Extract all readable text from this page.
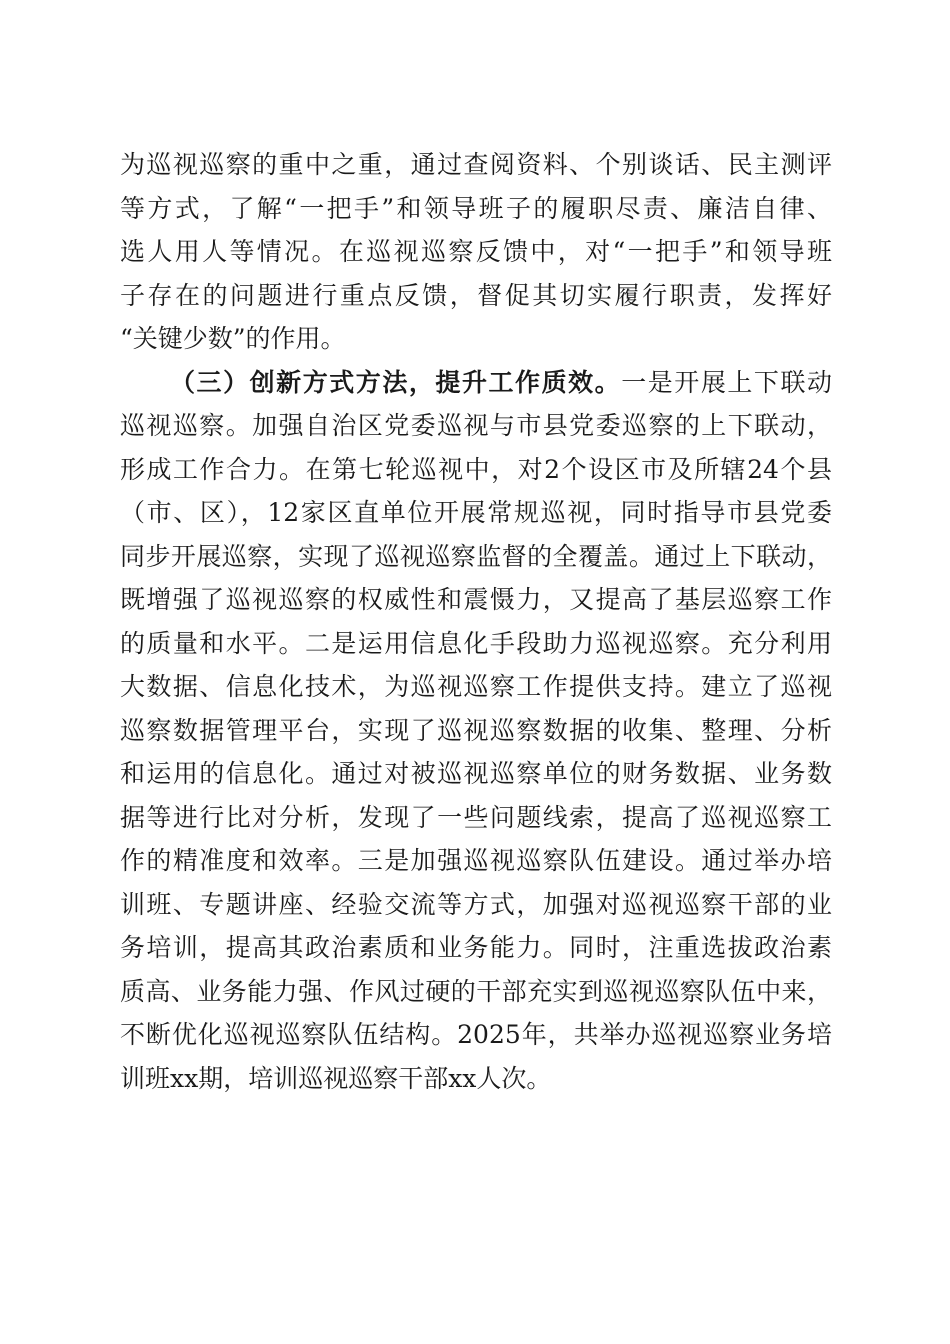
为巡视巡察的重中之重，通过查阅资料、个别谈话、民主测评
等方式，了解“一把手”和领导班子的履职尽责、廉洁自律、
选人用人等情况。在巡视巡察反馈中，对“一把手”和领导班
子存在的问题进行重点反馈，督促其切实履行职责，发挥好
“关键少数”的作用。
（三）创新方式方法，提升工作质效。一是开展上下联动
巡视巡察。加强自治区党委巡视与市县党委巡察的上下联动，
形成工作合力。在第七轮巡视中，对2个设区市及所辖24个县
（市、区），12家区直单位开展常规巡视，同时指导市县党委
同步开展巡察，实现了巡视巡察监督的全覆盖。通过上下联动，
既增强了巡视巡察的权威性和震慑力，又提高了基层巡察工作
的质量和水平。二是运用信息化手段助力巡视巡察。充分利用
大数据、信息化技术，为巡视巡察工作提供支持。建立了巡视
巡察数据管理平台，实现了巡视巡察数据的收集、整理、分析
和运用的信息化。通过对被巡视巡察单位的财务数据、业务数
据等进行比对分析，发现了一些问题线索，提高了巡视巡察工
作的精准度和效率。三是加强巡视巡察队伍建设。通过举办培
训班、专题讲座、经验交流等方式，加强对巡视巡察干部的业
务培训，提高其政治素质和业务能力。同时，注重选拔政治素
质高、业务能力强、作风过硬的干部充实到巡视巡察队伍中来，
不断优化巡视巡察队伍结构。2025年，共举办巡视巡察业务培
训班xx期，培训巡视巡察干部xx人次。
